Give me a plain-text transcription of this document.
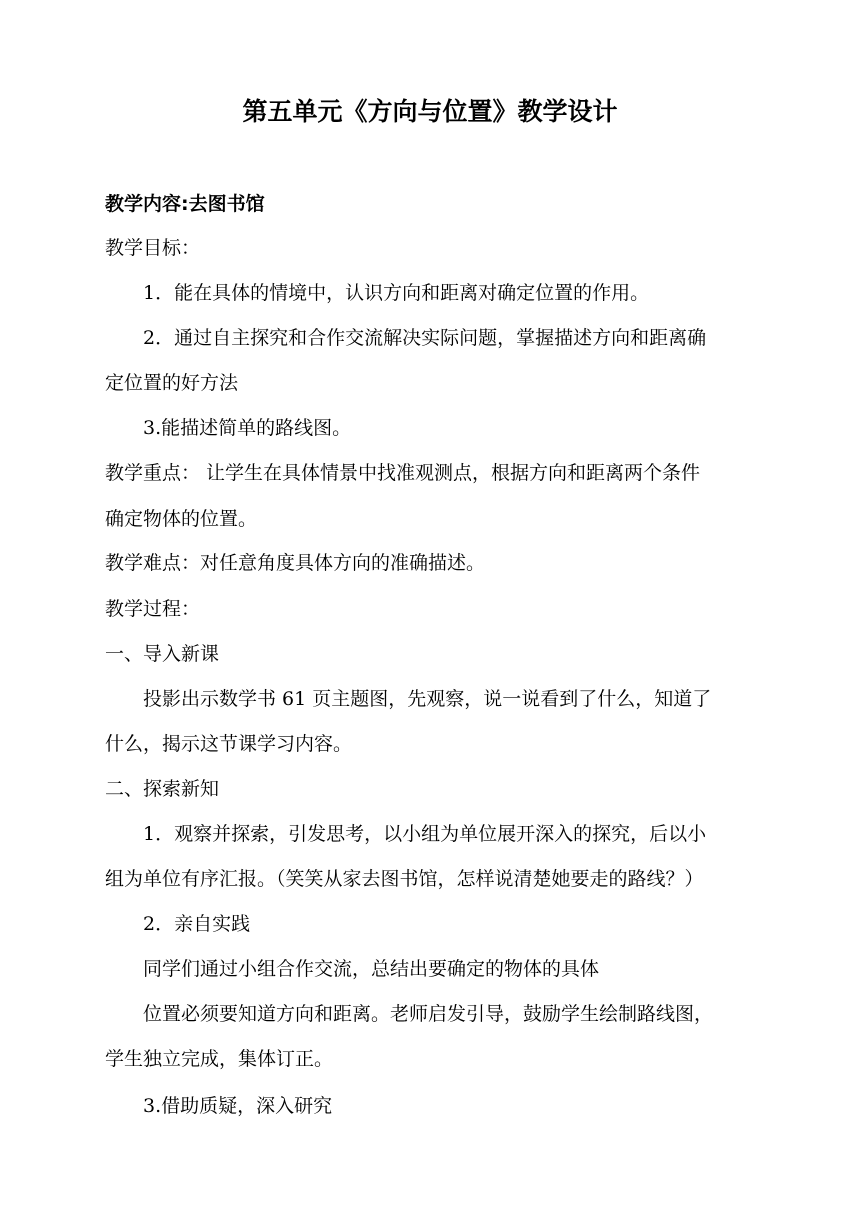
第五单元《方向与位置》教学设计
教学内容:去图书馆
教学目标：
1．能在具体的情境中，认识方向和距离对确定位置的作用。
2．通过自主探究和合作交流解决实际问题，掌握描述方向和距离确
定位置的好方法
3.能描述简单的路线图。
教学重点： 让学生在具体情景中找准观测点，根据方向和距离两个条件
确定物体的位置。
教学难点：对任意角度具体方向的准确描述。
教学过程：
一、导入新课
投影出示数学书 61 页主题图，先观察，说一说看到了什么，知道了
什么，揭示这节课学习内容。
二、探索新知
1．观察并探索，引发思考，以小组为单位展开深入的探究，后以小
组为单位有序汇报。（笑笑从家去图书馆，怎样说清楚她要走的路线？）
2．亲自实践
同学们通过小组合作交流，总结出要确定的物体的具体
位置必须要知道方向和距离。老师启发引导，鼓励学生绘制路线图，
学生独立完成，集体订正。
3.借助质疑，深入研究
